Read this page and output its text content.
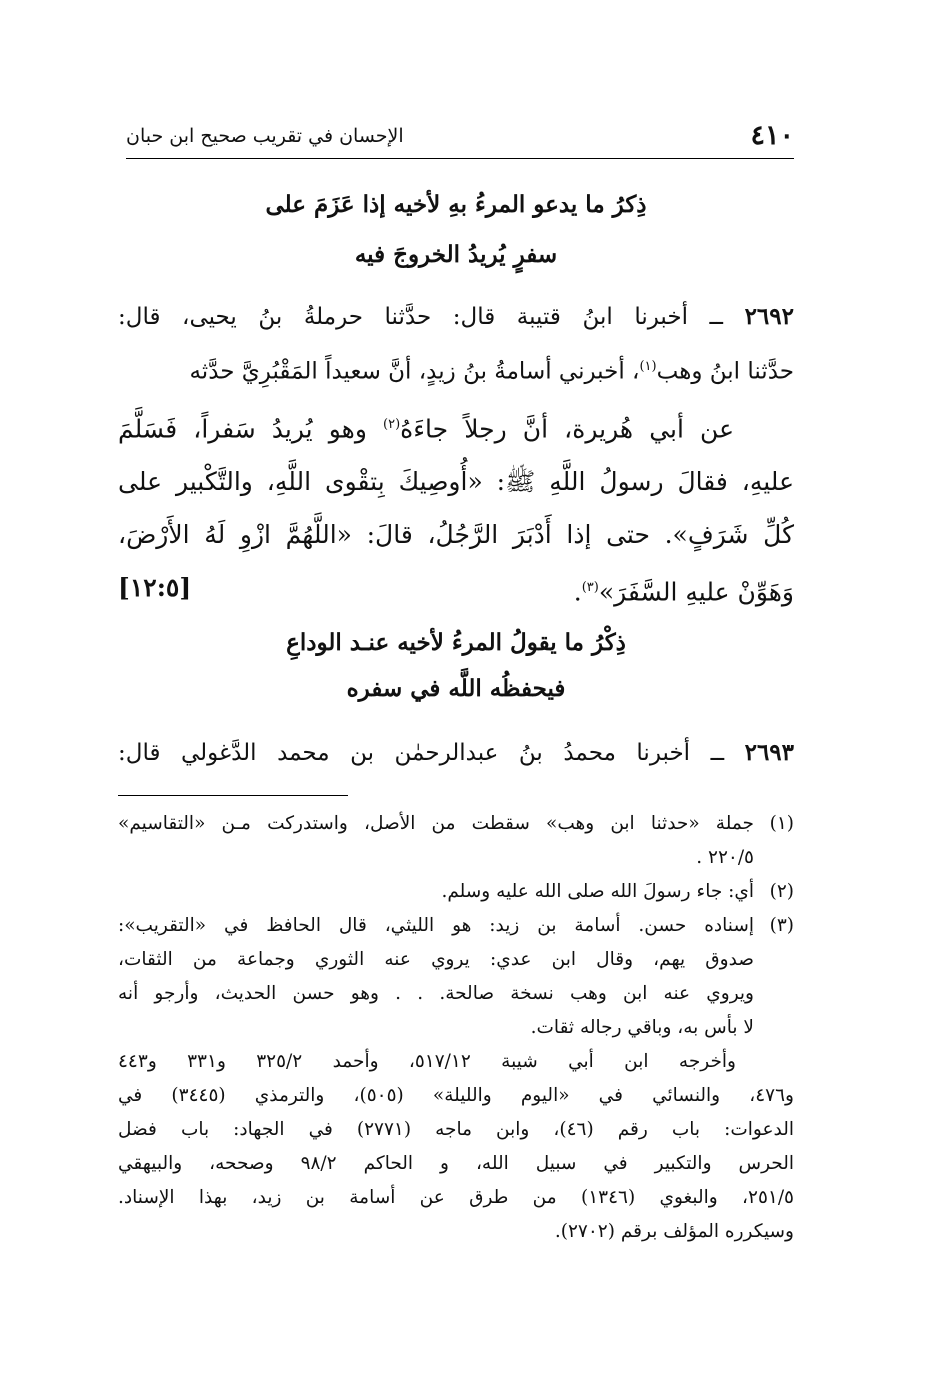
٤١٠
الإحسان في تقريب صحيح ابن حبان
ذِكرُ ما يدعو المرءُ بهِ لأخيه إذا عَزَمَ على
سفرٍ يُريدُ الخروجَ فيه
٢٦٩٢ ــ أخبرنا ابنُ قتيبة قال: حدَّثنا حرملةُ بنُ يحيى، قال:
حدَّثنا ابنُ وهب$^{(١)}$، أخبرني أسامةُ بنُ زيدٍ، أنَّ سعيداً المَقْبُرِيَّ حدَّثه
عن أبي هُريرة، أنَّ رجلاً جاءَهُ$^{(٢)}$ وهو يُريدُ سَفراً، فَسَلَّمَ
عليهِ، فقالَ رسولُ اللَّهِ ﷺ: «أُوصِيكَ بِتقْوى اللَّهِ، والتَّكْبير على
كُلِّ شَرَفٍ». حتى إذا أَدْبَرَ الرَّجُلُ، قالَ: «اللَّهُمَّ ازْوِ لَهُ الأَرْضَ،
وَهَوِّنْ عليهِ السَّفَرَ»$^{(٣)}$.
[١٢:٥]
ذِكْرُ ما يقولُ المرءُ لأخيه عنـد الوداعِ
فيحفظُه اللَّه في سفره
٢٦٩٣ ــ أخبرنا محمدُ بنُ عبدالرحمٰن بن محمد الدَّغولي قال:
(١)
جملة «حدثنا ابن وهب» سقطت من الأصل، واستدركت مـن «التقاسيم»
٢٢٠/٥ .
(٢)
أي: جاء رسولَ الله صلى الله عليه وسلم.
(٣)
إسناده حسن. أسامة بن زيد: هو الليثي، قال الحافظ في «التقريب»:
صدوق يهم، وقال ابن عدي: يروي عنه الثوري وجماعة من الثقات،
ويروي عنه ابن وهب نسخة صالحة. . . وهو حسن الحديث، وأرجو أنه
لا بأس به، وباقي رجاله ثقات.
وأخرجه ابن أبي شيبة ٥١٧/١٢، وأحمد ٣٢٥/٢ و٣٣١ و٤٤٣
و٤٧٦، والنسائي في «اليوم والليلة» (٥٠٥)، والترمذي (٣٤٤٥) في
الدعوات: باب رقم (٤٦)، وابن ماجه (٢٧٧١) في الجهاد: باب فضل
الحرس والتكبير في سبيل الله، و الحاكم ٩٨/٢ وصححه، والبيهقي
٢٥١/٥، والبغوي (١٣٤٦) من طرق عن أسامة بن زيد، بهذا الإسناد.
وسيكرره المؤلف برقم (٢٧٠٢).
